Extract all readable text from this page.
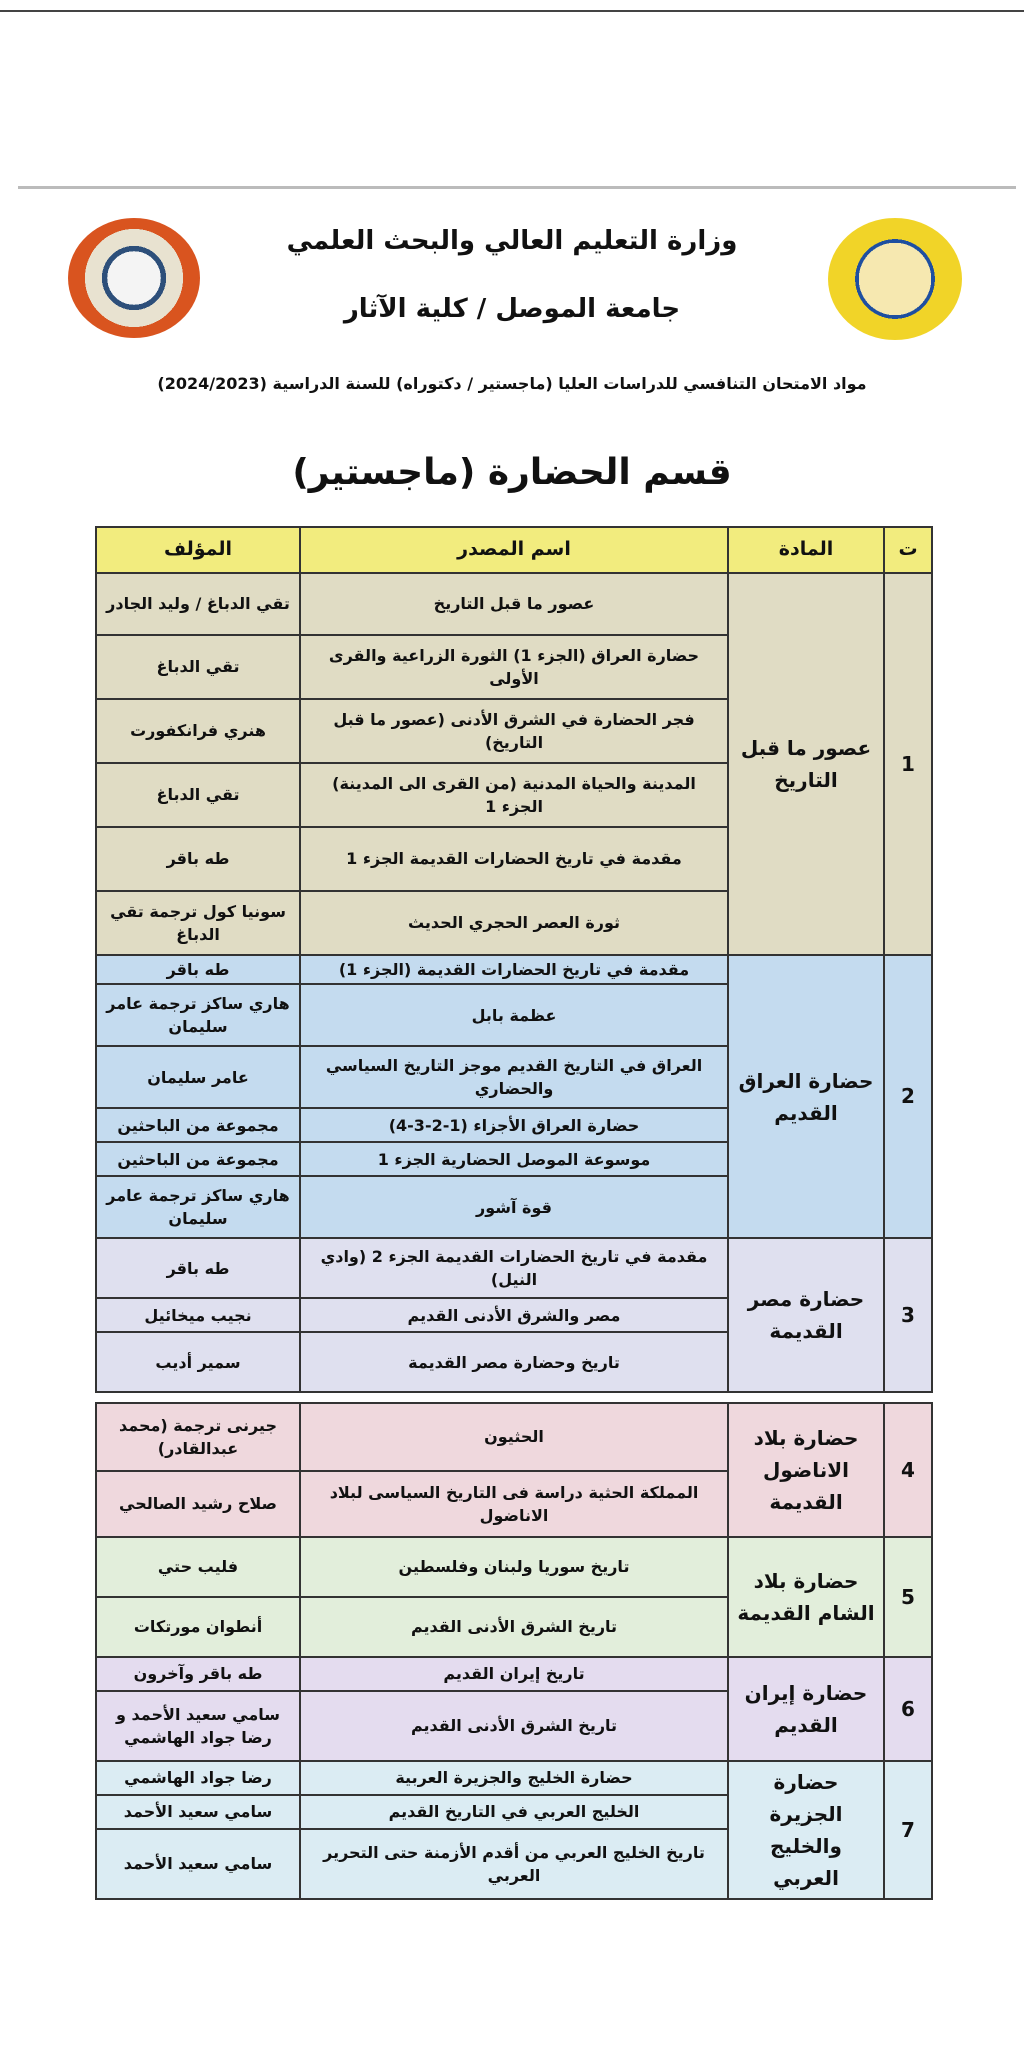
وزارة التعليم العالي والبحث العلمي
جامعة الموصل / كلية الآثار
مواد الامتحان التنافسي للدراسات العليا (ماجستير / دكتوراه) للسنة الدراسية (2024/2023)
قسم الحضارة (ماجستير)
ت	المادة	اسم المصدر	المؤلف
1	عصور ما قبل التاريخ	عصور ما قبل التاريخ	تقي الدباغ / وليد الجادر
		حضارة العراق (الجزء 1) الثورة الزراعية والقرى الأولى	تقي الدباغ
		فجر الحضارة في الشرق الأدنى (عصور ما قبل التاريخ)	هنري فرانكفورت
		المدينة والحياة المدنية (من القرى الى المدينة) الجزء 1	تقي الدباغ
		مقدمة في تاريخ الحضارات القديمة الجزء 1	طه باقر
		ثورة العصر الحجري الحديث	سونيا كول ترجمة تقي الدباغ
2	حضارة العراق القديم	مقدمة في تاريخ الحضارات القديمة (الجزء 1)	طه باقر
		عظمة بابل	هاري ساكز ترجمة عامر سليمان
		العراق في التاريخ القديم موجز التاريخ السياسي والحضاري	عامر سليمان
		حضارة العراق الأجزاء (1-2-3-4)	مجموعة من الباحثين
		موسوعة الموصل الحضارية الجزء 1	مجموعة من الباحثين
		قوة آشور	هاري ساكز ترجمة عامر سليمان
3	حضارة مصر القديمة	مقدمة في تاريخ الحضارات القديمة الجزء 2 (وادي النيل)	طه باقر
		مصر والشرق الأدنى القديم	نجيب ميخائيل
		تاريخ وحضارة مصر القديمة	سمير أديب
4	حضارة بلاد الاناضول القديمة	الحثيون	جيرنى ترجمة (محمد عبدالقادر)
		المملكة الحثية دراسة فى التاريخ السياسى لبلاد الاناضول	صلاح رشيد الصالحي
5	حضارة بلاد الشام القديمة	تاريخ سوريا ولبنان وفلسطين	فليب حتي
		تاريخ الشرق الأدنى القديم	أنطوان مورتكات
6	حضارة إيران القديم	تاريخ إيران القديم	طه باقر وآخرون
		تاريخ الشرق الأدنى القديم	سامي سعيد الأحمد و رضا جواد الهاشمي
7	حضارة الجزيرة والخليج العربي	حضارة الخليج والجزيرة العربية	رضا جواد الهاشمي
		الخليج العربي في التاريخ القديم	سامي سعيد الأحمد
		تاريخ الخليج العربي من أقدم الأزمنة حتى التحرير العربي	سامي سعيد الأحمد
